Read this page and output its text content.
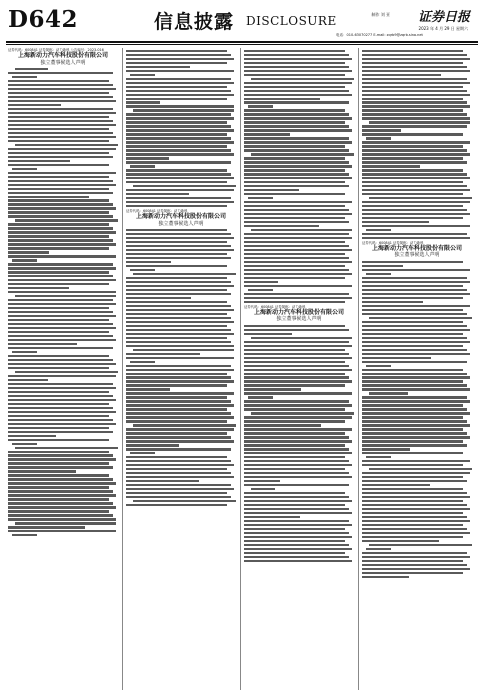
D642	信息披露 DISCLOSURE	制作 刘 亚 证券日报
电话：010-63070277 E-mail: zqrb9@zqrb.sina.net
2023 年 4 月 29 日 星期六
证券代码：600841 证券简称：动力新科 公告编号：2023-016
上海新动力汽车科技股份有限公司
独立董事候选人声明
证券代码：600841 证券简称：动力新科
上海新动力汽车科技股份有限公司
独立董事候选人声明
证券代码：600841 证券简称：动力新科
上海新动力汽车科技股份有限公司
独立董事候选人声明
证券代码：600841 证券简称：动力新科
上海新动力汽车科技股份有限公司
独立董事候选人声明
